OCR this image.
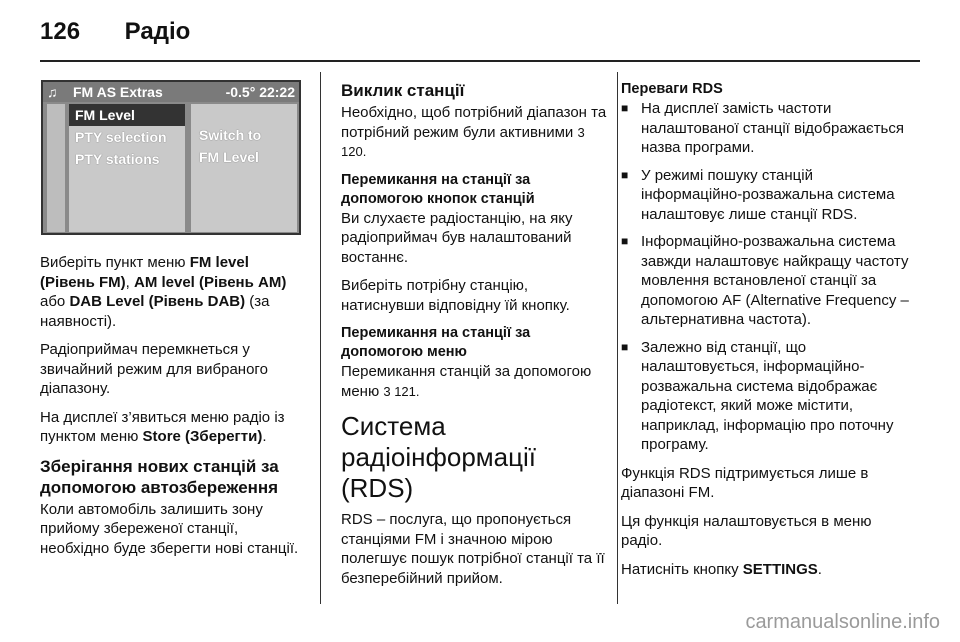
126 Радіо
♫ FM AS Extras	-0.5° 22:22
FM Level
PTY selection
PTY stations
Switch to
FM Level

Виберіть пункт меню FM level (Рівень FM), AM level (Рівень AM) або DAB Level (Рівень DAB) (за наявності).

Радіоприймач перемкнеться у звичайний режим для вибраного діапазону.

На дисплеї з’явиться меню радіо із пунктом меню Store (Зберегти).

Зберігання нових станцій за допомогою автозбереження

Коли автомобіль залишить зону прийому збереженої станції, необхідно буде зберегти нові станції.

Виклик станції

Необхідно, щоб потрібний діапазон та потрібний режим були активними 3 120.

Перемикання на станції за допомогою кнопок станцій

Ви слухаєте радіостанцію, на яку радіоприймач був налаштований востаннє.

Виберіть потрібну станцію, натиснувши відповідну їй кнопку.

Перемикання на станції за допомогою меню

Перемикання станцій за допомогою меню 3 121.

Система радіоінформації (RDS)

RDS – послуга, що пропонується станціями FM і значною мірою полегшує пошук потрібної станції та її безперебійний прийом.

Переваги RDS
■ На дисплеї замість частоти налаштованої станції відображається назва програми.
■ У режимі пошуку станцій інформаційно-розважальна система налаштовує лише станції RDS.
■ Інформаційно-розважальна система завжди налаштовує найкращу частоту мовлення встановленої станції за допомогою AF (Alternative Frequency – альтернативна частота).
■ Залежно від станції, що налаштовується, інформаційно-розважальна система відображає радіотекст, який може містити, наприклад, інформацію про поточну програму.

Функція RDS підтримується лише в діапазоні FM.

Ця функція налаштовується в меню радіо.

Натисніть кнопку SETTINGS.

carmanualsonline.info
